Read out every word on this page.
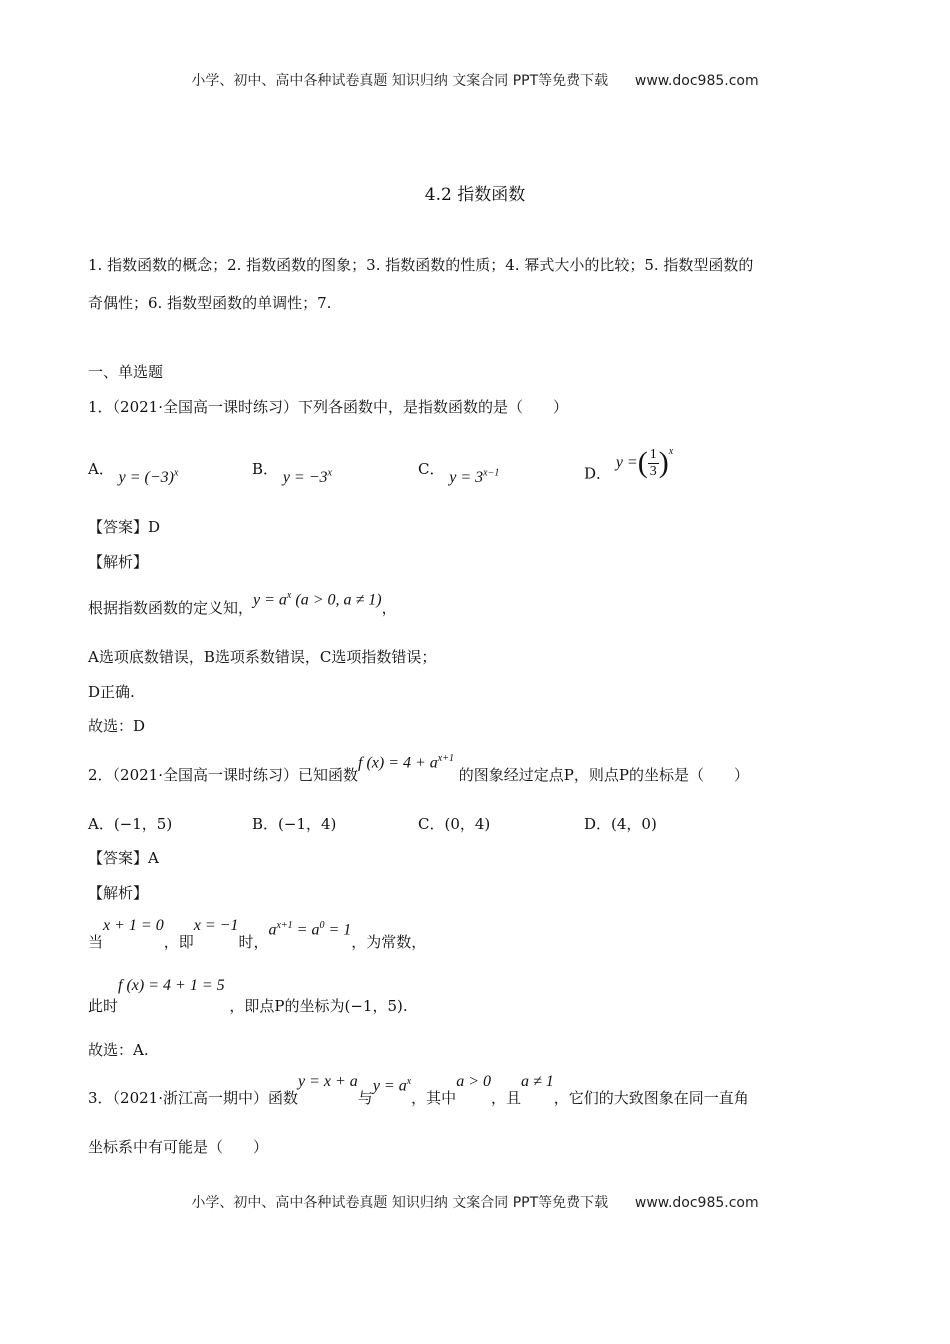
小学、初中、高中各种试卷真题 知识归纳 文案合同 PPT等免费下载 www.doc985.com
4.2 指数函数
1. 指数函数的概念；2. 指数函数的图象；3. 指数函数的性质；4. 幂式大小的比较；5. 指数型函数的
奇偶性；6. 指数型函数的单调性；7.
一、单选题
1．（2021·全国高一课时练习）下列各函数中，是指数函数的是（　　）
A． $y = (-3)^x$	B． $y = -3^x$	C． $y = 3^{x-1}$	D． y =( $\frac{1}{3} )^x$
【答案】D
【解析】
根据指数函数的定义知，$y = a^x$ (a > 0, a ≠ 1)，
A选项底数错误，B选项系数错误，C选项指数错误；
D正确.
故选：D
2．（2021·全国高一课时练习）已知函数f $(x) = 4 + a^{x+1}$ 的图象经过定点P，则点P的坐标是（　　）
A．(−1，5)	B．(−1，4)	C．(0，4)	D．(4，0)
【答案】A
【解析】
当x + 1 = 0，即x = −1时，$a^{x+1} = a^0 = 1$，为常数，
此时f (x) = 4 + 1 = 5 ，即点P的坐标为(−1，5).
故选：A.
3．（2021·浙江高一期中）函数y = x + a与$y = a^x$，其中a > 0，且a ≠ 1，它们的大致图象在同一直角
坐标系中有可能是（　　）
小学、初中、高中各种试卷真题 知识归纳 文案合同 PPT等免费下载 www.doc985.com
